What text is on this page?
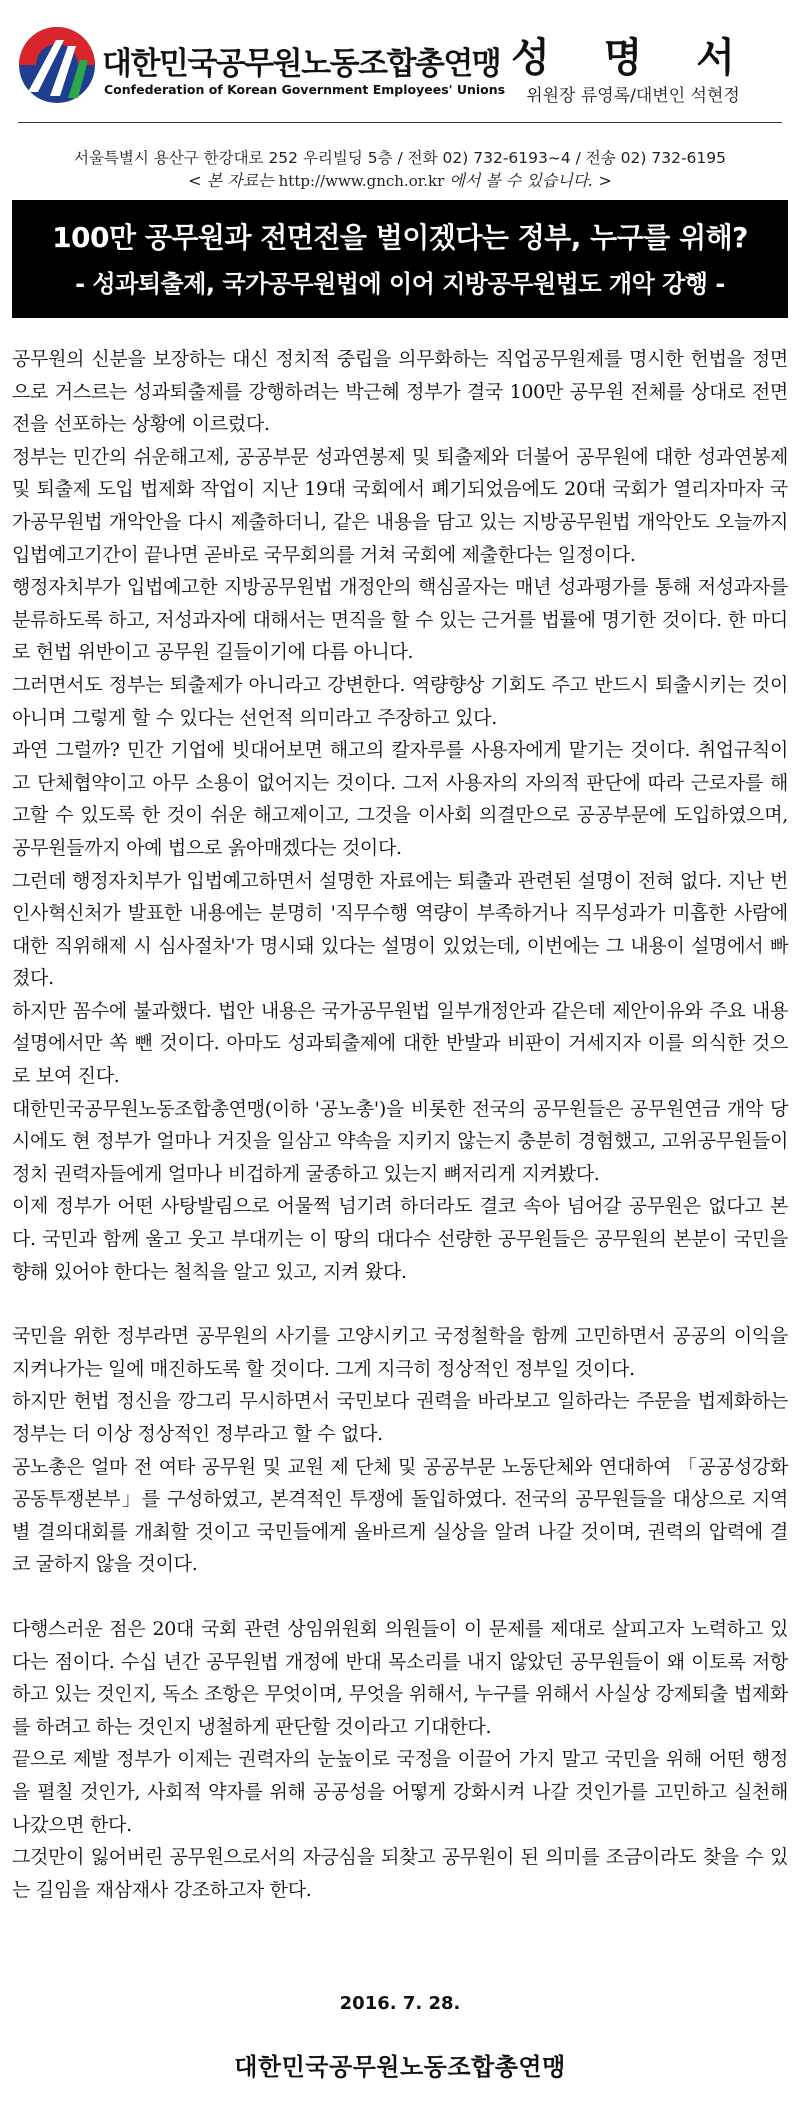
대한민국공무원노동조합총연맹
Confederation of Korean Government Employees' Unions
성 명 서
위원장 류영록/대변인 석현정
서울특별시 용산구 한강대로 252 우리빌딩 5층 / 전화 02) 732-6193~4 / 전송 02) 732-6195
< 본 자료는 http://www.gnch.or.kr 에서 볼 수 있습니다. >
100만 공무원과 전면전을 벌이겠다는 정부, 누구를 위해?
- 성과퇴출제, 국가공무원법에 이어 지방공무원법도 개악 강행 -

공무원의 신분을 보장하는 대신 정치적 중립을 의무화하는 직업공무원제를 명시한 헌법을 정면으로 거스르는 성과퇴출제를 강행하려는 박근혜 정부가 결국 100만 공무원 전체를 상대로 전면전을 선포하는 상황에 이르렀다.

정부는 민간의 쉬운해고제, 공공부문 성과연봉제 및 퇴출제와 더불어 공무원에 대한 성과연봉제 및 퇴출제 도입 법제화 작업이 지난 19대 국회에서 폐기되었음에도 20대 국회가 열리자마자 국가공무원법 개악안을 다시 제출하더니, 같은 내용을 담고 있는 지방공무원법 개악안도 오늘까지 입법예고기간이 끝나면 곧바로 국무회의를 거쳐 국회에 제출한다는 일정이다.

행정자치부가 입법예고한 지방공무원법 개정안의 핵심골자는 매년 성과평가를 통해 저성과자를 분류하도록 하고, 저성과자에 대해서는 면직을 할 수 있는 근거를 법률에 명기한 것이다. 한 마디로 헌법 위반이고 공무원 길들이기에 다름 아니다.

그러면서도 정부는 퇴출제가 아니라고 강변한다. 역량향상 기회도 주고 반드시 퇴출시키는 것이 아니며 그렇게 할 수 있다는 선언적 의미라고 주장하고 있다.

과연 그럴까? 민간 기업에 빗대어보면 해고의 칼자루를 사용자에게 맡기는 것이다. 취업규칙이고 단체협약이고 아무 소용이 없어지는 것이다. 그저 사용자의 자의적 판단에 따라 근로자를 해고할 수 있도록 한 것이 쉬운 해고제이고, 그것을 이사회 의결만으로 공공부문에 도입하였으며, 공무원들까지 아예 법으로 옭아매겠다는 것이다.

그런데 행정자치부가 입법예고하면서 설명한 자료에는 퇴출과 관련된 설명이 전혀 없다. 지난 번 인사혁신처가 발표한 내용에는 분명히 '직무수행 역량이 부족하거나 직무성과가 미흡한 사람에 대한 직위해제 시 심사절차'가 명시돼 있다는 설명이 있었는데, 이번에는 그 내용이 설명에서 빠졌다.

하지만 꼼수에 불과했다. 법안 내용은 국가공무원법 일부개정안과 같은데 제안이유와 주요 내용 설명에서만 쏙 뺀 것이다. 아마도 성과퇴출제에 대한 반발과 비판이 거세지자 이를 의식한 것으로 보여 진다.

대한민국공무원노동조합총연맹(이하 '공노총')을 비롯한 전국의 공무원들은 공무원연금 개악 당시에도 현 정부가 얼마나 거짓을 일삼고 약속을 지키지 않는지 충분히 경험했고, 고위공무원들이 정치 권력자들에게 얼마나 비겁하게 굴종하고 있는지 뼈저리게 지켜봤다.

이제 정부가 어떤 사탕발림으로 어물쩍 넘기려 하더라도 결코 속아 넘어갈 공무원은 없다고 본다. 국민과 함께 울고 웃고 부대끼는 이 땅의 대다수 선량한 공무원들은 공무원의 본분이 국민을 향해 있어야 한다는 철칙을 알고 있고, 지켜 왔다.

국민을 위한 정부라면 공무원의 사기를 고양시키고 국정철학을 함께 고민하면서 공공의 이익을 지켜나가는 일에 매진하도록 할 것이다. 그게 지극히 정상적인 정부일 것이다.

하지만 헌법 정신을 깡그리 무시하면서 국민보다 권력을 바라보고 일하라는 주문을 법제화하는 정부는 더 이상 정상적인 정부라고 할 수 없다.

공노총은 얼마 전 여타 공무원 및 교원 제 단체 및 공공부문 노동단체와 연대하여 「공공성강화 공동투쟁본부」를 구성하였고, 본격적인 투쟁에 돌입하였다. 전국의 공무원들을 대상으로 지역별 결의대회를 개최할 것이고 국민들에게 올바르게 실상을 알려 나갈 것이며, 권력의 압력에 결코 굴하지 않을 것이다.

다행스러운 점은 20대 국회 관련 상임위원회 의원들이 이 문제를 제대로 살피고자 노력하고 있다는 점이다. 수십 년간 공무원법 개정에 반대 목소리를 내지 않았던 공무원들이 왜 이토록 저항하고 있는 것인지, 독소 조항은 무엇이며, 무엇을 위해서, 누구를 위해서 사실상 강제퇴출 법제화를 하려고 하는 것인지 냉철하게 판단할 것이라고 기대한다.

끝으로 제발 정부가 이제는 권력자의 눈높이로 국정을 이끌어 가지 말고 국민을 위해 어떤 행정을 펼칠 것인가, 사회적 약자를 위해 공공성을 어떻게 강화시켜 나갈 것인가를 고민하고 실천해 나갔으면 한다.

그것만이 잃어버린 공무원으로서의 자긍심을 되찾고 공무원이 된 의미를 조금이라도 찾을 수 있는 길임을 재삼재사 강조하고자 한다.

2016. 7. 28.
대한민국공무원노동조합총연맹
